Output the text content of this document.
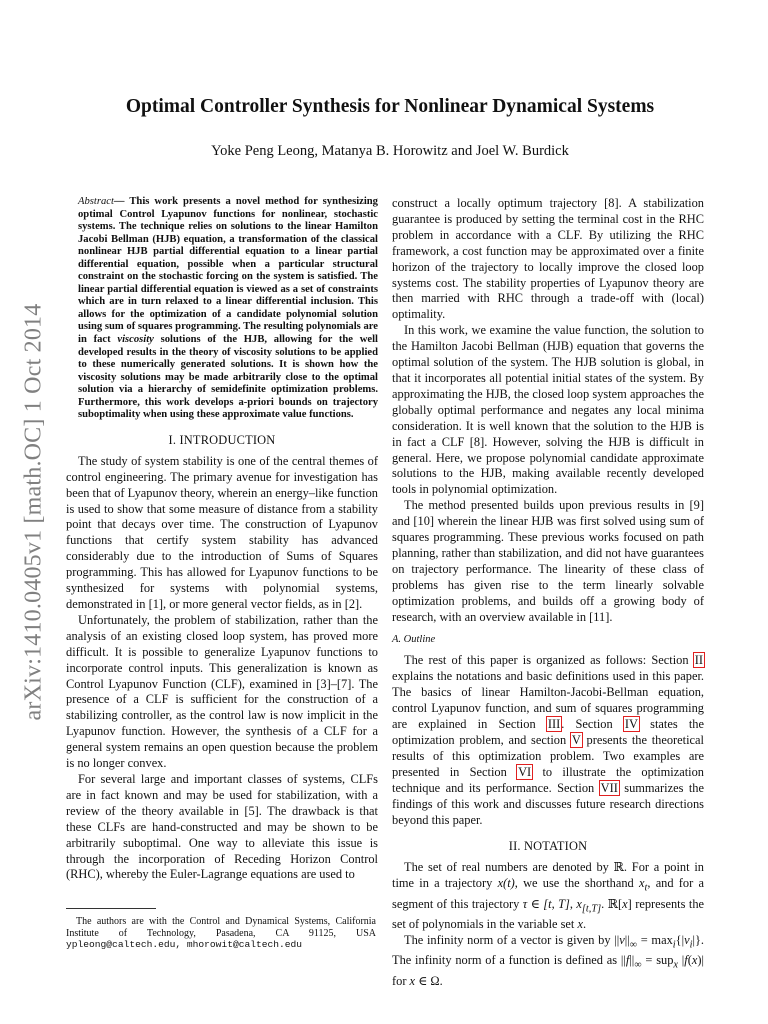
arXiv:1410.0405v1 [math.OC] 1 Oct 2014
Optimal Controller Synthesis for Nonlinear Dynamical Systems
Yoke Peng Leong, Matanya B. Horowitz and Joel W. Burdick

Abstract— This work presents a novel method for synthesizing optimal Control Lyapunov functions for nonlinear, stochastic systems. The technique relies on solutions to the linear Hamilton Jacobi Bellman (HJB) equation, a transformation of the classical nonlinear HJB partial differential equation to a linear partial differential equation, possible when a particular structural constraint on the stochastic forcing on the system is satisfied. The linear partial differential equation is viewed as a set of constraints which are in turn relaxed to a linear differential inclusion. This allows for the optimization of a candidate polynomial solution using sum of squares programming. The resulting polynomials are in fact viscosity solutions of the HJB, allowing for the well developed results in the theory of viscosity solutions to be applied to these numerically generated solutions. It is shown how the viscosity solutions may be made arbitrarily close to the optimal solution via a hierarchy of semidefinite optimization problems. Furthermore, this work develops a-priori bounds on trajectory suboptimality when using these approximate value functions.

I. INTRODUCTION

The study of system stability is one of the central themes of control engineering. The primary avenue for investigation has been that of Lyapunov theory, wherein an energy–like function is used to show that some measure of distance from a stability point that decays over time. The construction of Lyapunov functions that certify system stability has advanced considerably due to the introduction of Sums of Squares programming. This has allowed for Lyapunov functions to be synthesized for systems with polynomial systems, demonstrated in [1], or more general vector fields, as in [2].

Unfortunately, the problem of stabilization, rather than the analysis of an existing closed loop system, has proved more difficult. It is possible to generalize Lyapunov functions to incorporate control inputs. This generalization is known as Control Lyapunov Function (CLF), examined in [3]–[7]. The presence of a CLF is sufficient for the construction of a stabilizing controller, as the control law is now implicit in the Lyapunov function. However, the synthesis of a CLF for a general system remains an open question because the problem is no longer convex.

For several large and important classes of systems, CLFs are in fact known and may be used for stabilization, with a review of the theory available in [5]. The drawback is that these CLFs are hand-constructed and may be shown to be arbitrarily suboptimal. One way to alleviate this issue is through the incorporation of Receding Horizon Control (RHC), whereby the Euler-Lagrange equations are used to

construct a locally optimum trajectory [8]. A stabilization guarantee is produced by setting the terminal cost in the RHC problem in accordance with a CLF. By utilizing the RHC framework, a cost function may be approximated over a finite horizon of the trajectory to locally improve the closed loop systems cost. The stability properties of Lyapunov theory are then married with RHC through a trade-off with (local) optimality.

In this work, we examine the value function, the solution to the Hamilton Jacobi Bellman (HJB) equation that governs the optimal solution of the system. The HJB solution is global, in that it incorporates all potential initial states of the system. By approximating the HJB, the closed loop system approaches the globally optimal performance and negates any local minima consideration. It is well known that the solution to the HJB is in fact a CLF [8]. However, solving the HJB is difficult in general. Here, we propose polynomial candidate approximate solutions to the HJB, making available recently developed tools in polynomial optimization.

The method presented builds upon previous results in [9] and [10] wherein the linear HJB was first solved using sum of squares programming. These previous works focused on path planning, rather than stabilization, and did not have guarantees on trajectory performance. The linearity of these class of problems has given rise to the term linearly solvable optimization problems, and builds off a growing body of research, with an overview available in [11].

A. Outline

The rest of this paper is organized as follows: Section II explains the notations and basic definitions used in this paper. The basics of linear Hamilton-Jacobi-Bellman equation, control Lyapunov function, and sum of squares programming are explained in Section III. Section IV states the optimization problem, and section V presents the theoretical results of this optimization problem. Two examples are presented in Section VI to illustrate the optimization technique and its performance. Section VII summarizes the findings of this work and discusses future research directions beyond this paper.

II. NOTATION

The set of real numbers are denoted by ℝ. For a point in time in a trajectory x(t), we use the shorthand $x_t$, and for a segment of this trajectory τ ∈ [t, T], $x_{[t,T]}$. ℝ[x] represents the set of polynomials in the variable set x.

The infinity norm of a vector is given by $||v||_\infty = \max_i\{|v_i|\}$. The infinity norm of a function is defined as $||f||_\infty = sup_x$ |f(x)| for x ∈ Ω.

The authors are with the Control and Dynamical Systems, California Institute of Technology, Pasadena, CA 91125, USA ypleong@caltech.edu, mhorowit@caltech.edu
